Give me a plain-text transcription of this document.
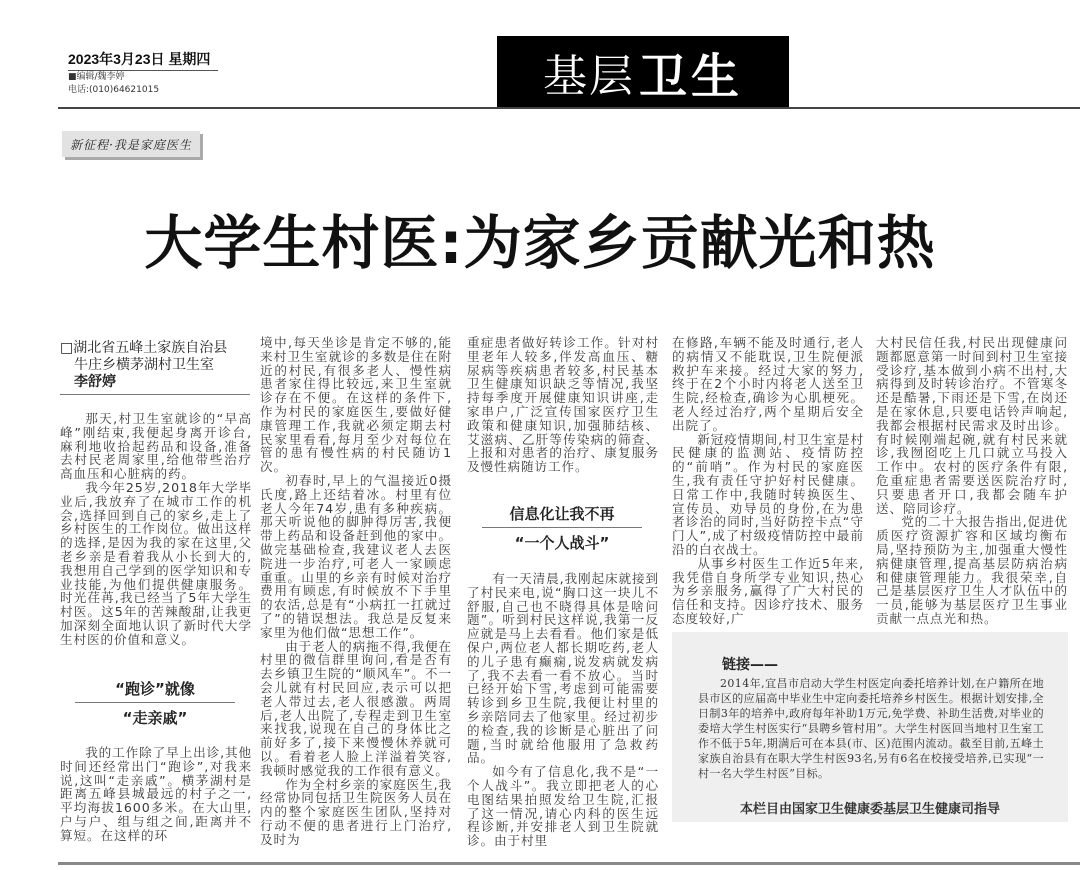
2023年3月23日 星期四
■编辑/魏李婷
电话:(010)64621015	基层 卫生
新征程·我是家庭医生
大学生村医:为家乡贡献光和热
□湖北省五峰土家族自治县
牛庄乡横茅湖村卫生室
李舒婷

那天,村卫生室就诊的“早高峰”刚结束,我便起身离开诊台,麻利地收拾起药品和设备,准备去村民老周家里,给他带些治疗高血压和心脏病的药。

我今年25岁,2018年大学毕业后,我放弃了在城市工作的机会,选择回到自己的家乡,走上了乡村医生的工作岗位。做出这样的选择,是因为我的家在这里,父老乡亲是看着我从小长到大的,我想用自己学到的医学知识和专业技能,为他们提供健康服务。时光荏苒,我已经当了5年大学生村医。这5年的苦辣酸甜,让我更加深刻全面地认识了新时代大学生村医的价值和意义。

“跑诊”就像
“走亲戚”

我的工作除了早上出诊,其他时间还经常出门“跑诊”,对我来说,这叫“走亲戚”。横茅湖村是距离五峰县城最远的村子之一,平均海拔1600多米。在大山里,户与户、组与组之间,距离并不算短。在这样的环

境中,每天坐诊是肯定不够的,能来村卫生室就诊的多数是住在附近的村民,有很多老人、慢性病患者家住得比较远,来卫生室就诊存在不便。在这样的条件下,作为村民的家庭医生,要做好健康管理工作,我就必须定期去村民家里看看,每月至少对每位在管的患有慢性病的村民随访1次。

初春时,早上的气温接近0摄氏度,路上还结着冰。村里有位老人今年74岁,患有多种疾病。那天听说他的脚肿得厉害,我便带上药品和设备赶到他的家中。做完基础检查,我建议老人去医院进一步治疗,可老人一家顾虑重重。山里的乡亲有时候对治疗费用有顾虑,有时候放不下手里的农活,总是有“小病扛一扛就过了”的错误想法。我总是反复来家里为他们做“思想工作”。

由于老人的病拖不得,我便在村里的微信群里询问,看是否有去乡镇卫生院的“顺风车”。不一会儿就有村民回应,表示可以把老人带过去,老人很感激。两周后,老人出院了,专程走到卫生室来找我,说现在自己的身体比之前好多了,接下来慢慢休养就可以。看着老人脸上洋溢着笑容,我顿时感觉我的工作很有意义。

作为全村乡亲的家庭医生,我经常协同包括卫生院医务人员在内的整个家庭医生团队,坚持对行动不便的患者进行上门治疗,及时为

重症患者做好转诊工作。针对村里老年人较多,伴发高血压、糖尿病等疾病患者较多,村民基本卫生健康知识缺乏等情况,我坚持每季度开展健康知识讲座,走家串户,广泛宣传国家医疗卫生政策和健康知识,加强肺结核、艾滋病、乙肝等传染病的筛查、上报和对患者的治疗、康复服务及慢性病随访工作。

信息化让我不再
“一个人战斗”

有一天清晨,我刚起床就接到了村民来电,说“胸口这一块儿不舒服,自己也不晓得具体是啥问题”。听到村民这样说,我第一反应就是马上去看看。他们家是低保户,两位老人都长期吃药,老人的儿子患有癫痫,说发病就发病了,我不去看一看不放心。当时已经开始下雪,考虑到可能需要转诊到乡卫生院,我便让村里的乡亲陪同去了他家里。经过初步的检查,我的诊断是心脏出了问题,当时就给他服用了急救药品。

如今有了信息化,我不是“一个人战斗”。我立即把老人的心电图结果拍照发给卫生院,汇报了这一情况,请心内科的医生远程诊断,并安排老人到卫生院就诊。由于村里

在修路,车辆不能及时通行,老人的病情又不能耽误,卫生院便派救护车来接。经过大家的努力,终于在2个小时内将老人送至卫生院,经检查,确诊为心肌梗死。老人经过治疗,两个星期后安全出院了。

新冠疫情期间,村卫生室是村民健康的监测站、疫情防控的“前哨”。作为村民的家庭医生,我有责任守护好村民健康。日常工作中,我随时转换医生、宣传员、劝导员的身份,在为患者诊治的同时,当好防控卡点“守门人”,成了村级疫情防控中最前沿的白衣战士。

从事乡村医生工作近5年来,我凭借自身所学专业知识,热心为乡亲服务,赢得了广大村民的信任和支持。因诊疗技术、服务态度较好,广

大村民信任我,村民出现健康问题都愿意第一时间到村卫生室接受诊疗,基本做到小病不出村,大病得到及时转诊治疗。不管寒冬还是酷暑,下雨还是下雪,在岗还是在家休息,只要电话铃声响起,我都会根据村民需求及时出诊。有时候刚端起碗,就有村民来就诊,我囫囵吃上几口就立马投入工作中。农村的医疗条件有限,危重症患者需要送医院治疗时,只要患者开口,我都会随车护送、陪同诊疗。

党的二十大报告指出,促进优质医疗资源扩容和区域均衡布局,坚持预防为主,加强重大慢性病健康管理,提高基层防病治病和健康管理能力。我很荣幸,自己是基层医疗卫生人才队伍中的一员,能够为基层医疗卫生事业贡献一点点光和热。

链接——
2014年,宜昌市启动大学生村医定向委托培养计划,在户籍所在地县市区的应届高中毕业生中定向委托培养乡村医生。根据计划安排,全日制3年的培养中,政府每年补助1万元,免学费、补助生活费,对毕业的委培大学生村医实行“县聘乡管村用”。大学生村医回当地村卫生室工作不低于5年,期满后可在本县(市、区)范围内流动。截至目前,五峰土家族自治县有在职大学生村医93名,另有6名在校接受培养,已实现“一村一名大学生村医”目标。
本栏目由国家卫生健康委基层卫生健康司指导
